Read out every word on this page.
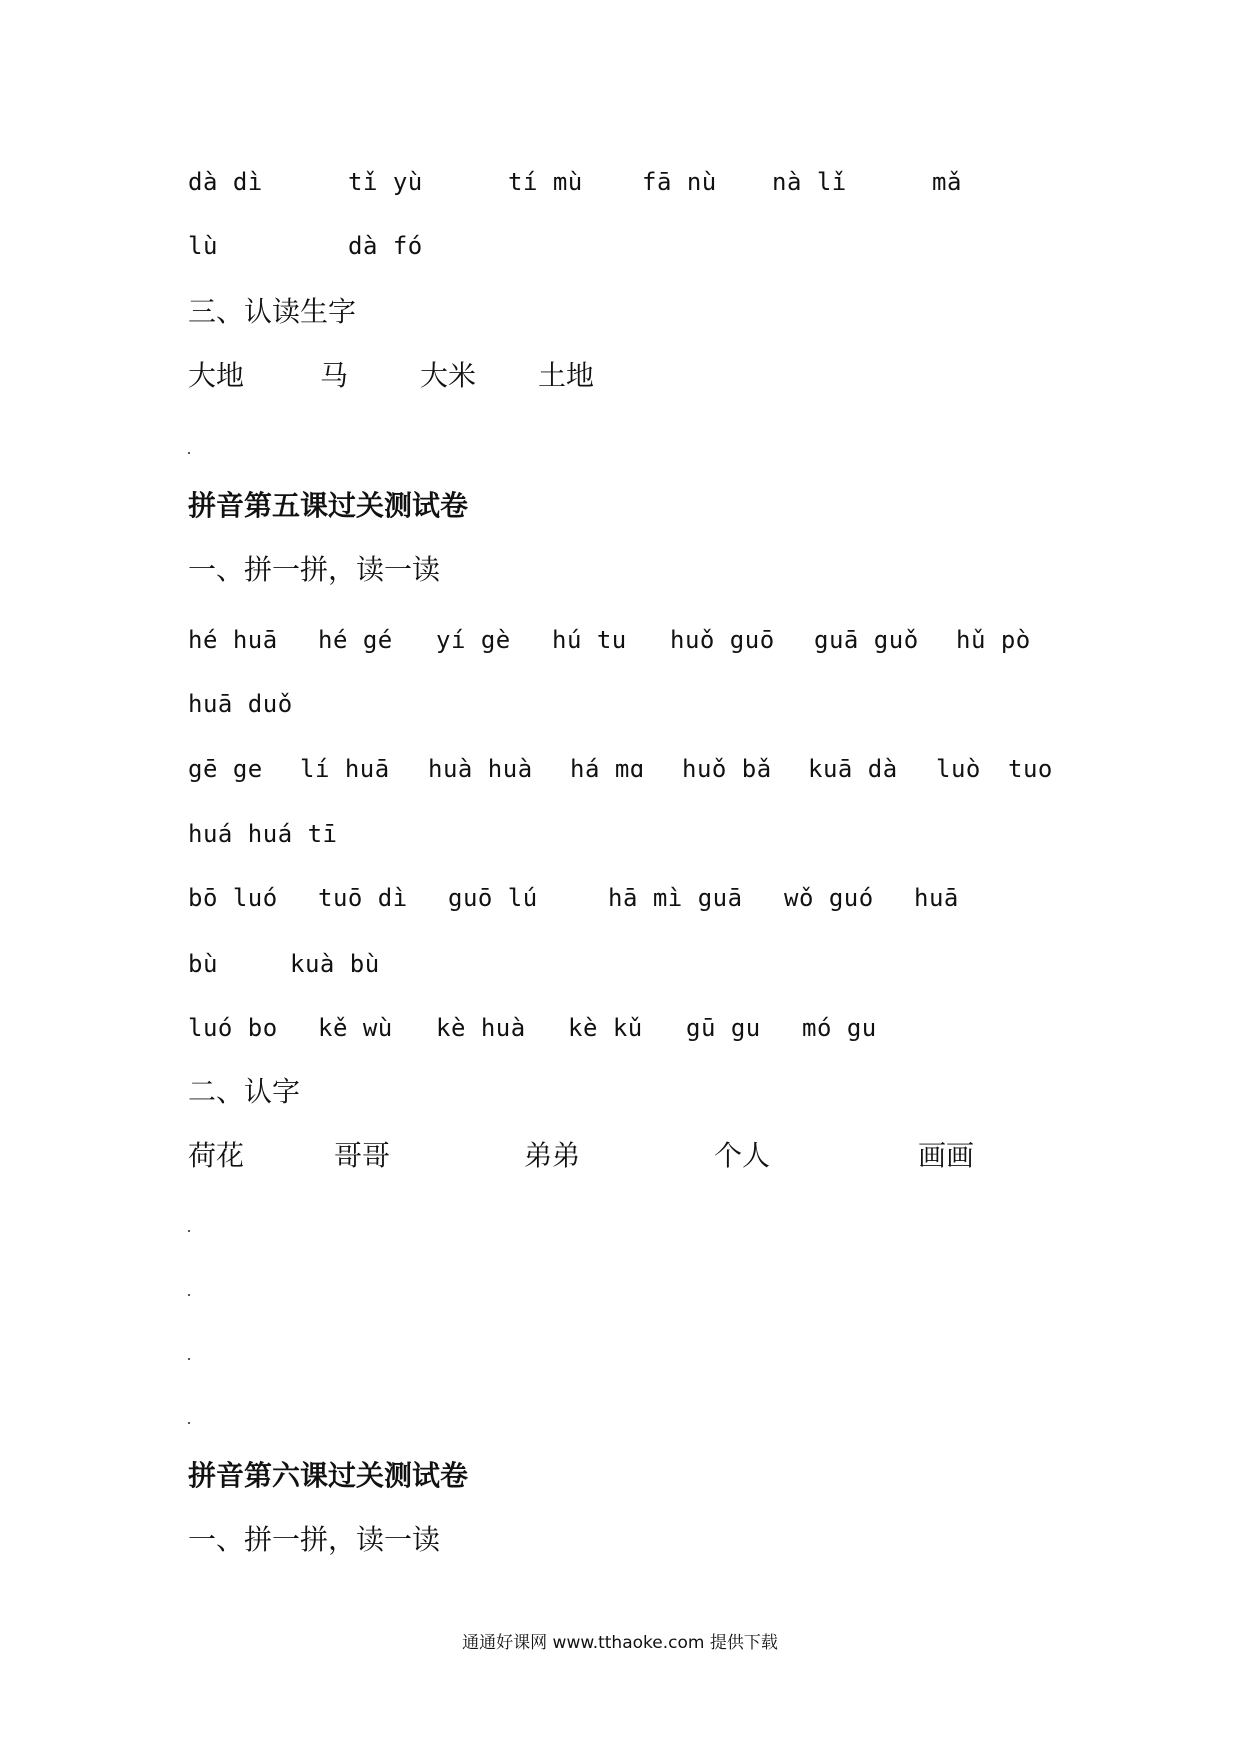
dà dì	tǐ yù	tí mù fā nù nà lǐ	mǎ
lù	dà fó
三、认读生字
大地	马	大米 土地
拼音第五课过关测试卷
一、拼一拼，读一读
hé huā hé gé yí gè hú tu huǒ guō guā guǒ hǔ pò
huā duǒ
gē ge lí huā huà huà há mɑ huǒ bǎ kuā dà luò tuo
huá huá tī
bō luó tuō dì guō lú	hā mì guā wǒ guó huā
bù	kuà bù
luó bo kě wù kè huà kè kǔ gū gu mó gu
二、认字
荷花	哥哥	弟弟	个人	画画
拼音第六课过关测试卷
一、拼一拼，读一读
通通好课网 www.tthaoke.com 提供下载
